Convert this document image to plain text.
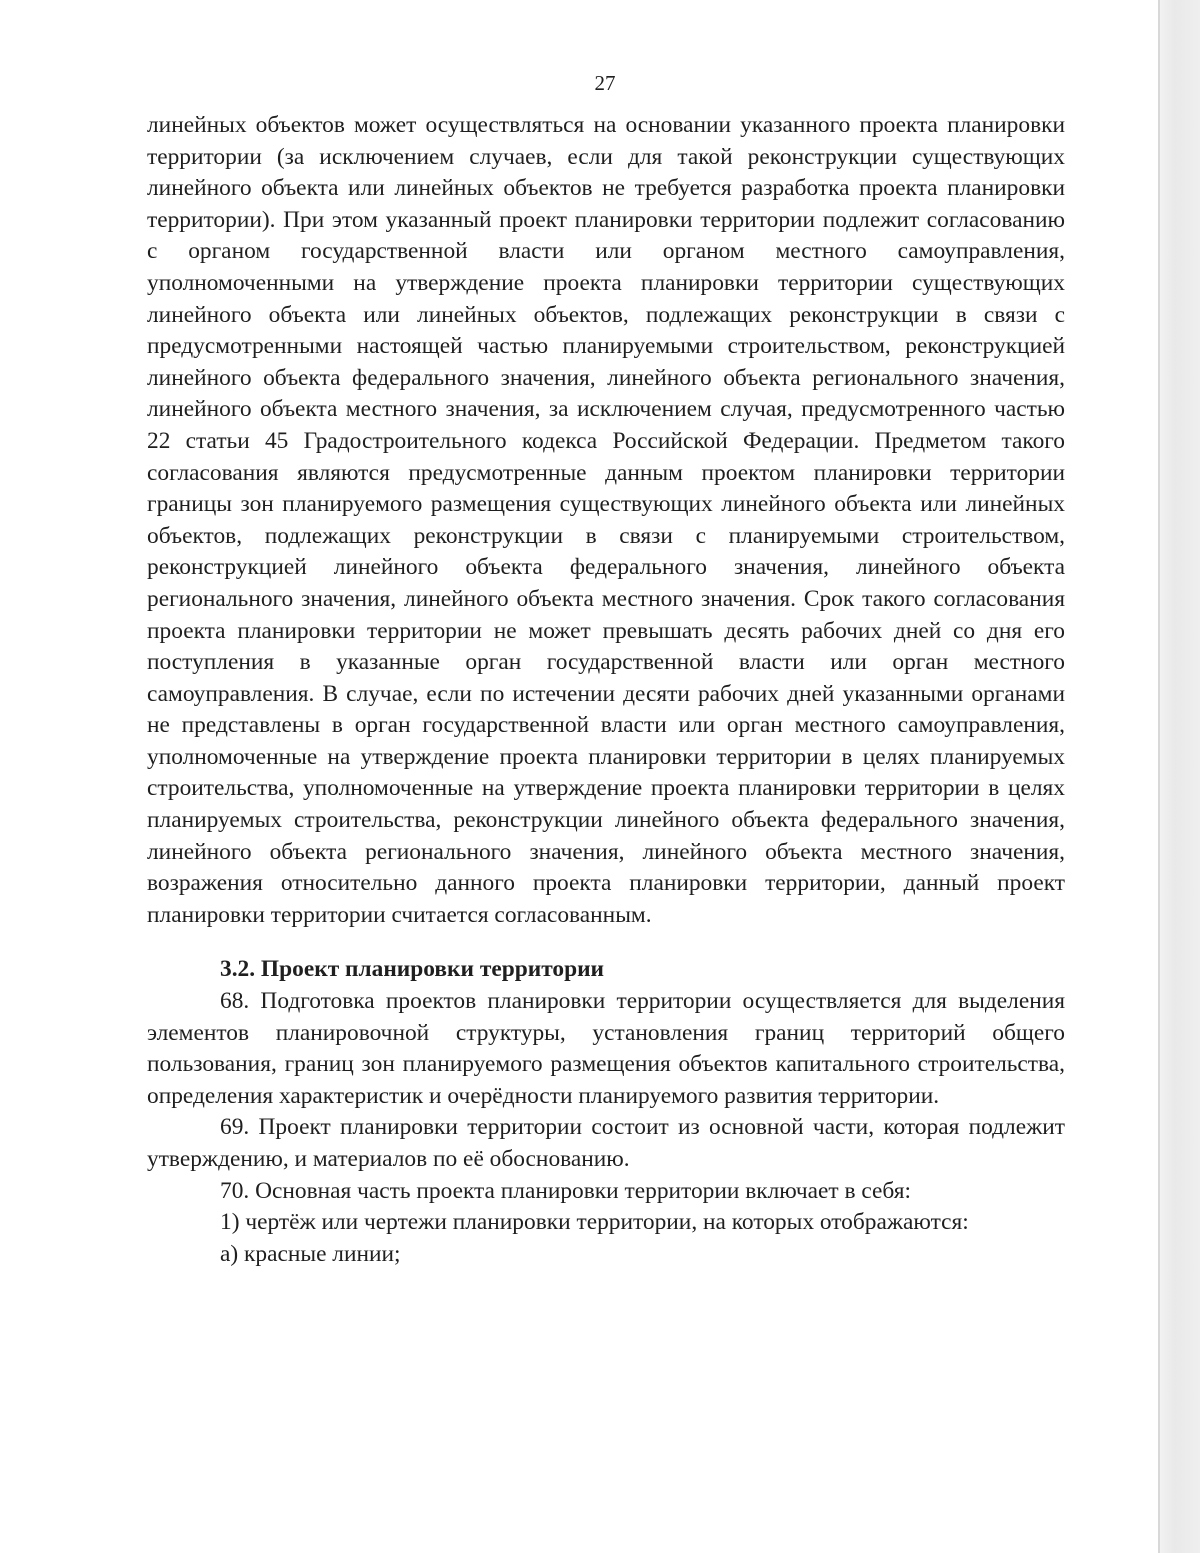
27

линейных объектов может осуществляться на основании указанного проекта планировки территории (за исключением случаев, если для такой реконструкции существующих линейного объекта или линейных объектов не требуется разработка проекта планировки территории). При этом указанный проект планировки территории подлежит согласованию с органом государственной власти или органом местного самоуправления, уполномоченными на утверждение проекта планировки территории существующих линейного объекта или линейных объектов, подлежащих реконструкции в связи с предусмотренными настоящей частью планируемыми строительством, реконструкцией линейного объекта федерального значения, линейного объекта регионального значения, линейного объекта местного значения, за исключением случая, предусмотренного частью 22 статьи 45 Градостроительного кодекса Российской Федерации. Предметом такого согласования являются предусмотренные данным проектом планировки территории границы зон планируемого размещения существующих линейного объекта или линейных объектов, подлежащих реконструкции в связи с планируемыми строительством, реконструкцией линейного объекта федерального значения, линейного объекта регионального значения, линейного объекта местного значения. Срок такого согласования проекта планировки территории не может превышать десять рабочих дней со дня его поступления в указанные орган государственной власти или орган местного самоуправления. В случае, если по истечении десяти рабочих дней указанными органами не представлены в орган государственной власти или орган местного самоуправления, уполномоченные на утверждение проекта планировки территории в целях планируемых строительства, уполномоченные на утверждение проекта планировки территории в целях планируемых строительства, реконструкции линейного объекта федерального значения, линейного объекта регионального значения, линейного объекта местного значения, возражения относительно данного проекта планировки территории, данный проект планировки территории считается согласованным.

3.2. Проект планировки территории

68. Подготовка проектов планировки территории осуществляется для выделения элементов планировочной структуры, установления границ территорий общего пользования, границ зон планируемого размещения объектов капитального строительства, определения характеристик и очерёдности планируемого развития территории.

69. Проект планировки территории состоит из основной части, которая подлежит утверждению, и материалов по её обоснованию.

70. Основная часть проекта планировки территории включает в себя:

1) чертёж или чертежи планировки территории, на которых отображаются:

а) красные линии;
